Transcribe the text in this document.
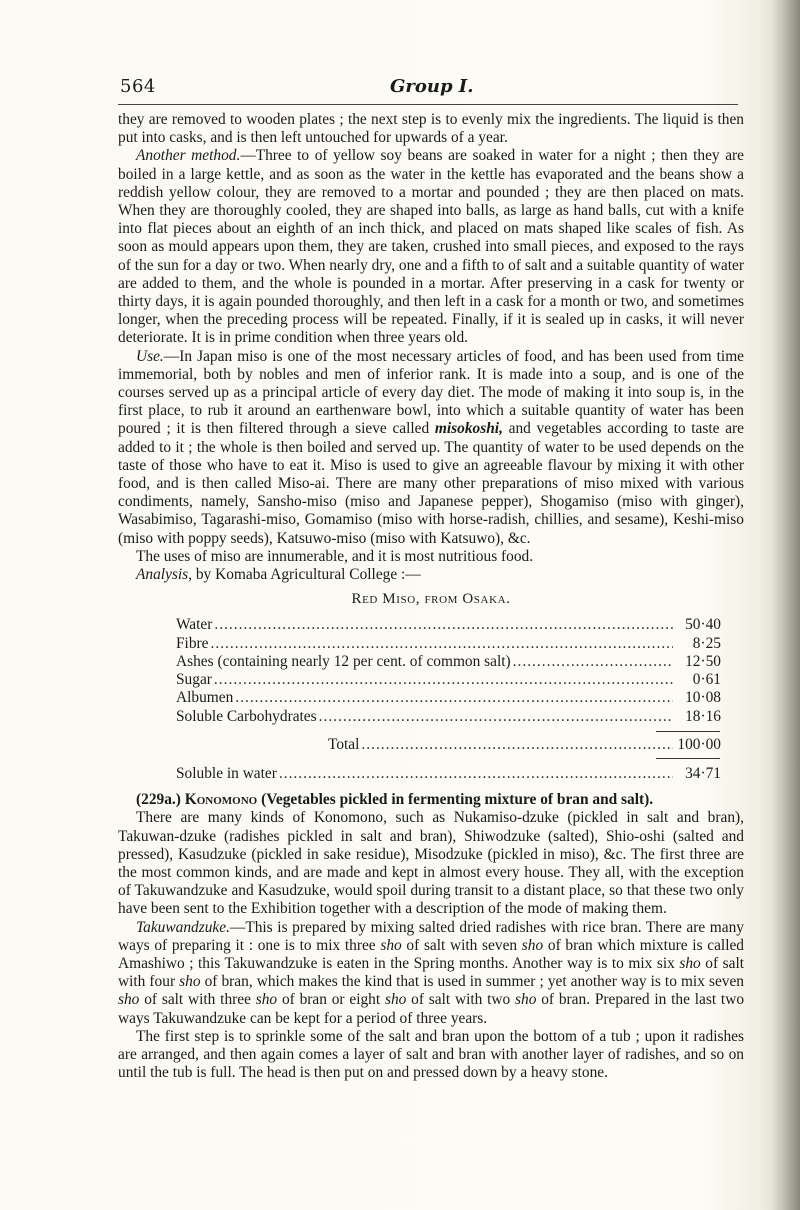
564	Group I.

they are removed to wooden plates ; the next step is to evenly mix the ingredients. The liquid is then put into casks, and is then left untouched for upwards of a year.

Another method.—Three to of yellow soy beans are soaked in water for a night ; then they are boiled in a large kettle, and as soon as the water in the kettle has evaporated and the beans show a reddish yellow colour, they are removed to a mortar and pounded ; they are then placed on mats. When they are thoroughly cooled, they are shaped into balls, as large as hand balls, cut with a knife into flat pieces about an eighth of an inch thick, and placed on mats shaped like scales of fish. As soon as mould appears upon them, they are taken, crushed into small pieces, and exposed to the rays of the sun for a day or two. When nearly dry, one and a fifth to of salt and a suitable quantity of water are added to them, and the whole is pounded in a mortar. After preserving in a cask for twenty or thirty days, it is again pounded thoroughly, and then left in a cask for a month or two, and sometimes longer, when the preceding process will be repeated. Finally, if it is sealed up in casks, it will never deteriorate. It is in prime condition when three years old.

Use.—In Japan miso is one of the most necessary articles of food, and has been used from time immemorial, both by nobles and men of inferior rank. It is made into a soup, and is one of the courses served up as a principal article of every day diet. The mode of making it into soup is, in the first place, to rub it around an earthenware bowl, into which a suitable quantity of water has been poured ; it is then filtered through a sieve called misokoshi, and vegetables according to taste are added to it ; the whole is then boiled and served up. The quantity of water to be used depends on the taste of those who have to eat it. Miso is used to give an agreeable flavour by mixing it with other food, and is then called Miso-ai. There are many other preparations of miso mixed with various condiments, namely, Sansho-miso (miso and Japanese pepper), Shogamiso (miso with ginger), Wasabimiso, Tagarashi-miso, Gomamiso (miso with horse-radish, chillies, and sesame), Keshi-miso (miso with poppy seeds), Katsuwo-miso (miso with Katsuwo), &c.

The uses of miso are innumerable, and it is most nutritious food.

Analysis, by Komaba Agricultural College :—

Red Miso, from Osaka.
Water .....	50·40
Fibre .....	8·25
Ashes (containing nearly 12 per cent. of common salt) .....	12·50
Sugar .....	0·61
Albumen .....	10·08
Soluble Carbohydrates .....	18·16
Total .....	100·00
Soluble in water .....	34·71

(229a.) Konomono (Vegetables pickled in fermenting mixture of bran and salt).

There are many kinds of Konomono, such as Nukamiso-dzuke (pickled in salt and bran), Takuwan-dzuke (radishes pickled in salt and bran), Shiwodzuke (salted), Shio-oshi (salted and pressed), Kasudzuke (pickled in sake residue), Misodzuke (pickled in miso), &c. The first three are the most common kinds, and are made and kept in almost every house. They all, with the exception of Takuwandzuke and Kasudzuke, would spoil during transit to a distant place, so that these two only have been sent to the Exhibition together with a description of the mode of making them.

Takuwandzuke.—This is prepared by mixing salted dried radishes with rice bran. There are many ways of preparing it : one is to mix three sho of salt with seven sho of bran which mixture is called Amashiwo ; this Takuwandzuke is eaten in the Spring months. Another way is to mix six sho of salt with four sho of bran, which makes the kind that is used in summer ; yet another way is to mix seven sho of salt with three sho of bran or eight sho of salt with two sho of bran. Prepared in the last two ways Takuwandzuke can be kept for a period of three years.

The first step is to sprinkle some of the salt and bran upon the bottom of a tub ; upon it radishes are arranged, and then again comes a layer of salt and bran with another layer of radishes, and so on until the tub is full. The head is then put on and pressed down by a heavy stone.
